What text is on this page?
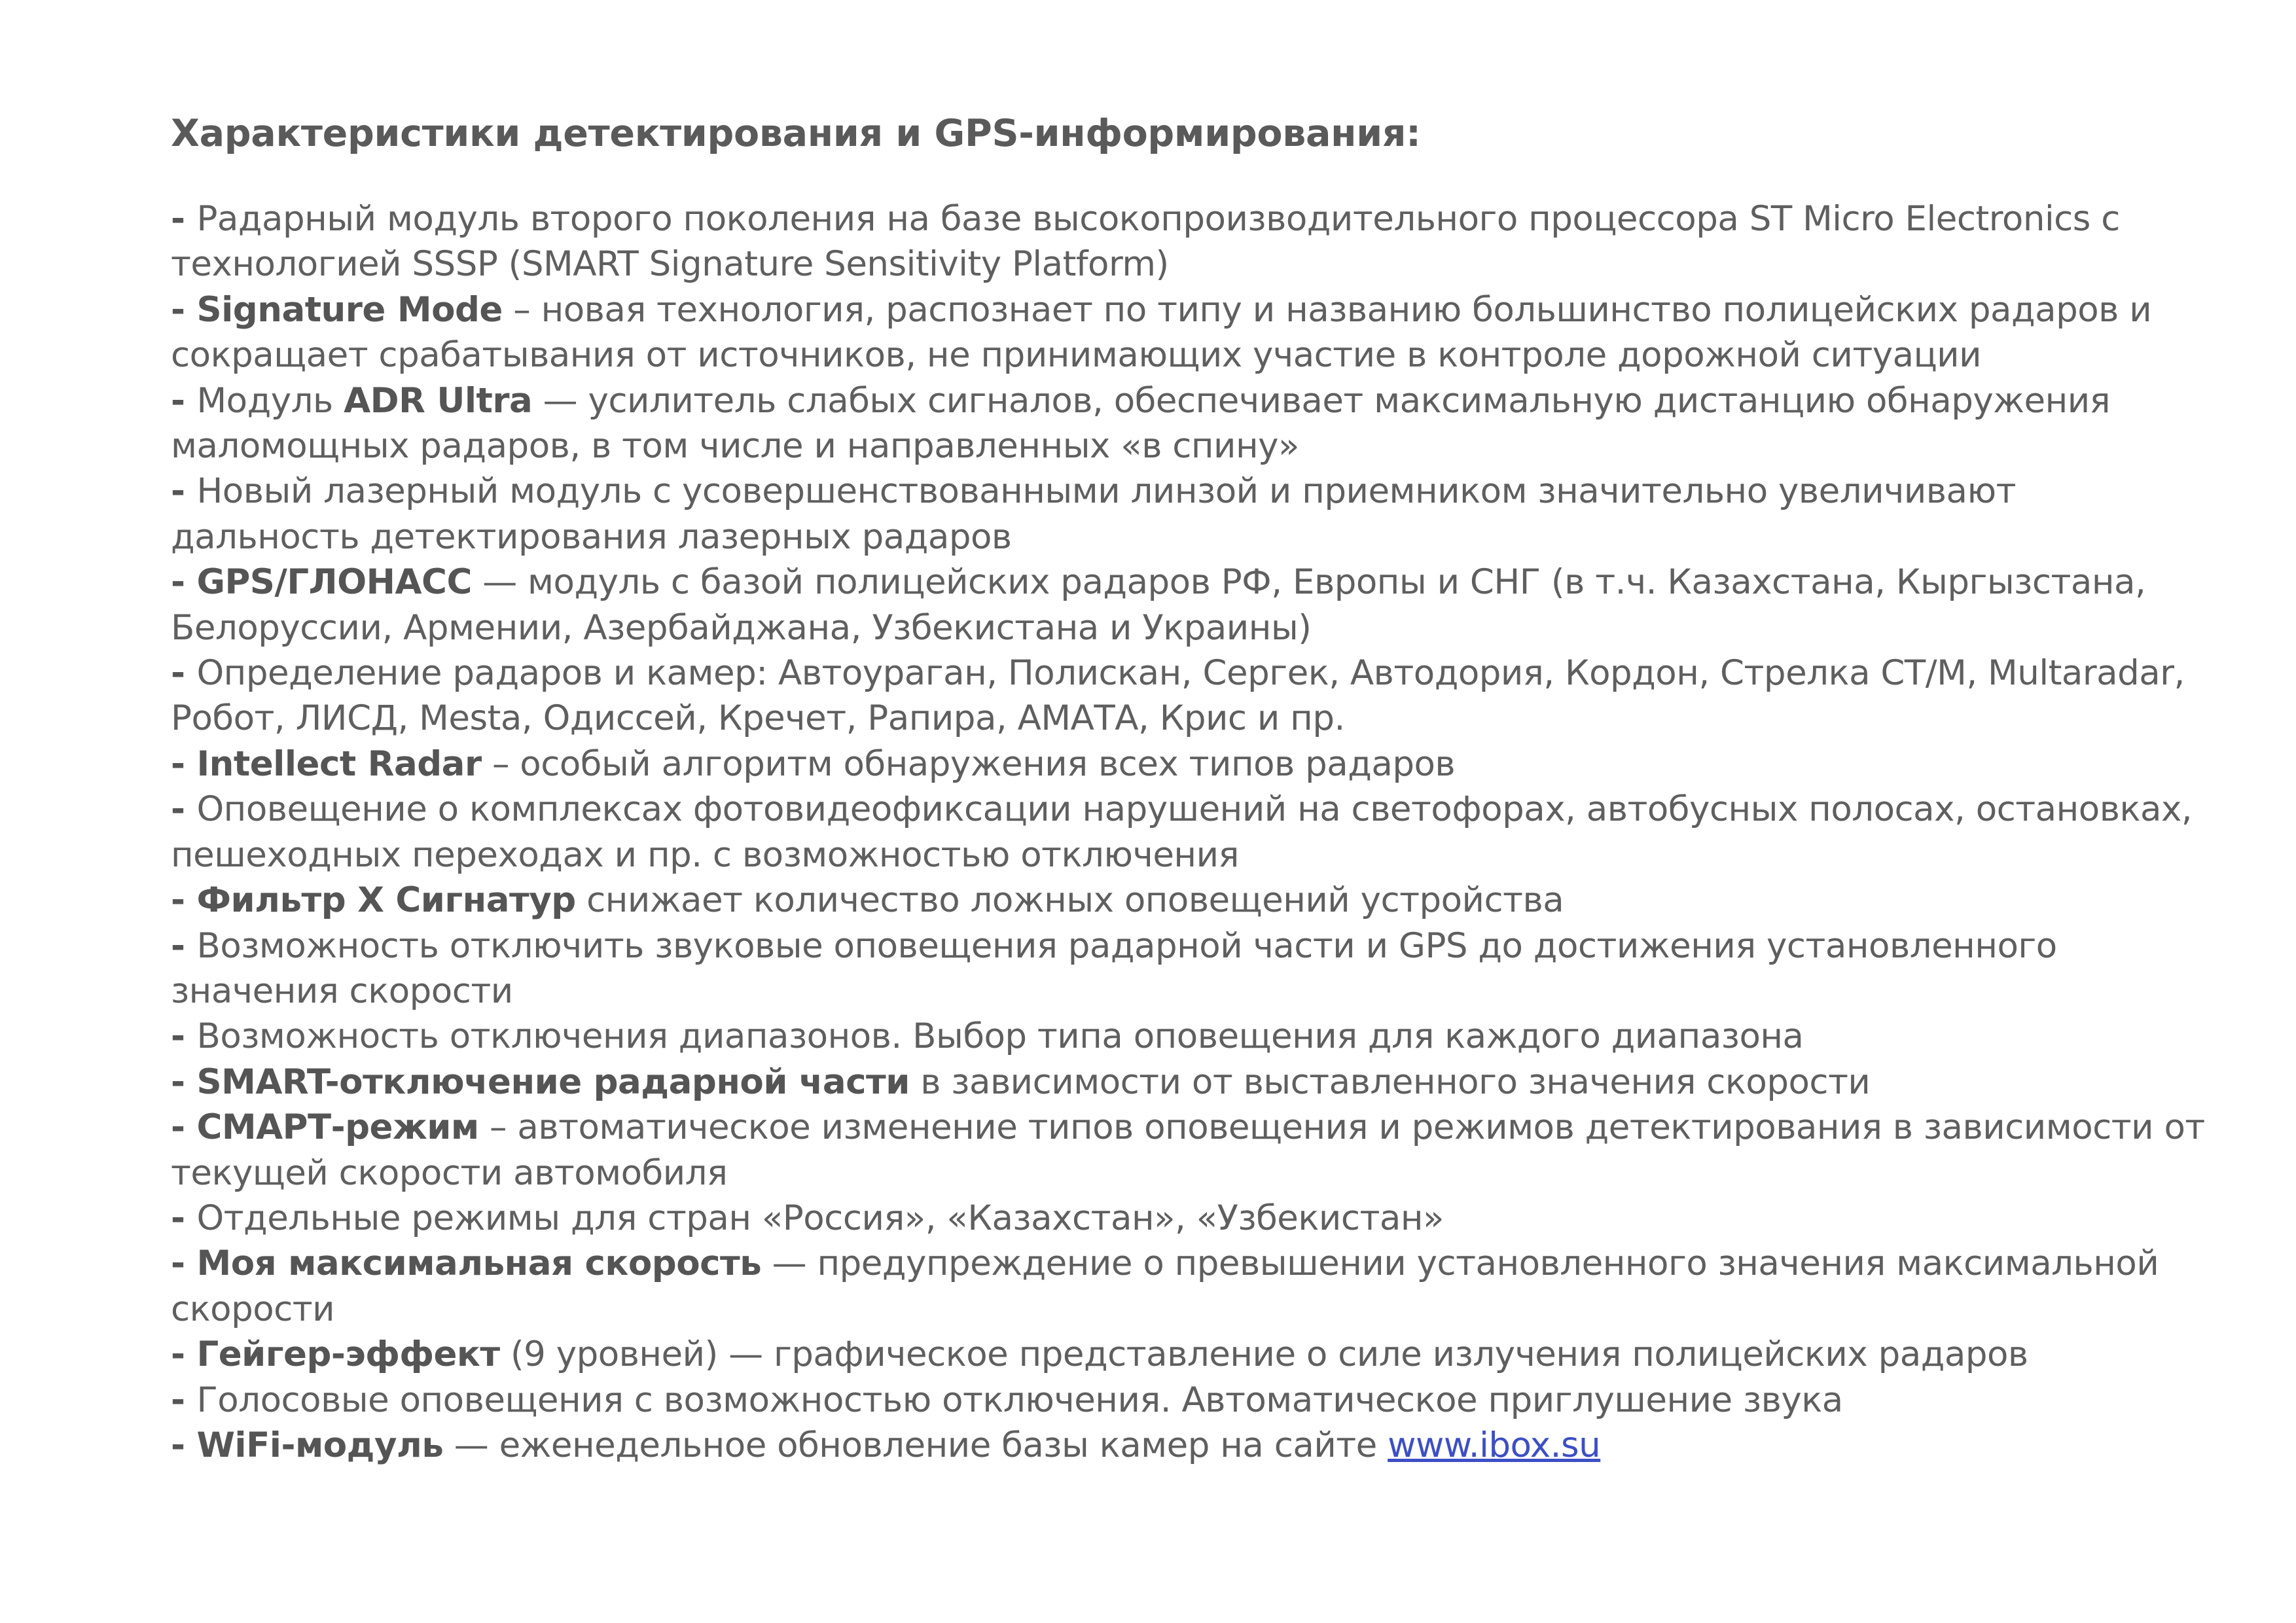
Характеристики детектирования и GPS-информирования:

- Радарный модуль второго поколения на базе высокопроизводительного процессора ST Micro Electronics с технологией SSSP (SMART Signature Sensitivity Platform)

- Signature Mode – новая технология, распознает по типу и названию большинство полицейских радаров и сокращает срабатывания от источников, не принимающих участие в контроле дорожной ситуации

- Модуль ADR Ultra — усилитель слабых сигналов, обеспечивает максимальную дистанцию обнаружения маломощных радаров, в том числе и направленных «в спину»

- Новый лазерный модуль с усовершенствованными линзой и приемником значительно увеличивают дальность детектирования лазерных радаров

- GPS/ГЛОНАСС — модуль с базой полицейских радаров РФ, Европы и СНГ (в т.ч. Казахстана, Кыргызстана, Белоруссии, Армении, Азербайджана, Узбекистана и Украины)

- Определение радаров и камер: Автоураган, Полискан, Сергек, Автодория, Кордон, Стрелка СТ/М, Multaradar, Робот, ЛИСД, Mesta, Одиссей, Кречет, Рапира, АМАТА, Крис и пр.

- Intellect Radar – особый алгоритм обнаружения всех типов радаров

- Оповещение о комплексах фотовидеофиксации нарушений на светофорах, автобусных полосах, остановках, пешеходных переходах и пр. с возможностью отключения

- Фильтр X Сигнатур снижает количество ложных оповещений устройства

- Возможность отключить звуковые оповещения радарной части и GPS до достижения установленного значения скорости

- Возможность отключения диапазонов. Выбор типа оповещения для каждого диапазона

- SMART-отключение радарной части в зависимости от выставленного значения скорости

- СМАРТ-режим – автоматическое изменение типов оповещения и режимов детектирования в зависимости от текущей скорости автомобиля

- Отдельные режимы для стран «Россия», «Казахстан», «Узбекистан»

- Моя максимальная скорость — предупреждение о превышении установленного значения максимальной скорости

- Гейгер-эффект (9 уровней) — графическое представление о силе излучения полицейских радаров

- Голосовые оповещения с возможностью отключения. Автоматическое приглушение звука

- WiFi-модуль — еженедельное обновление базы камер на сайте www.ibox.su
